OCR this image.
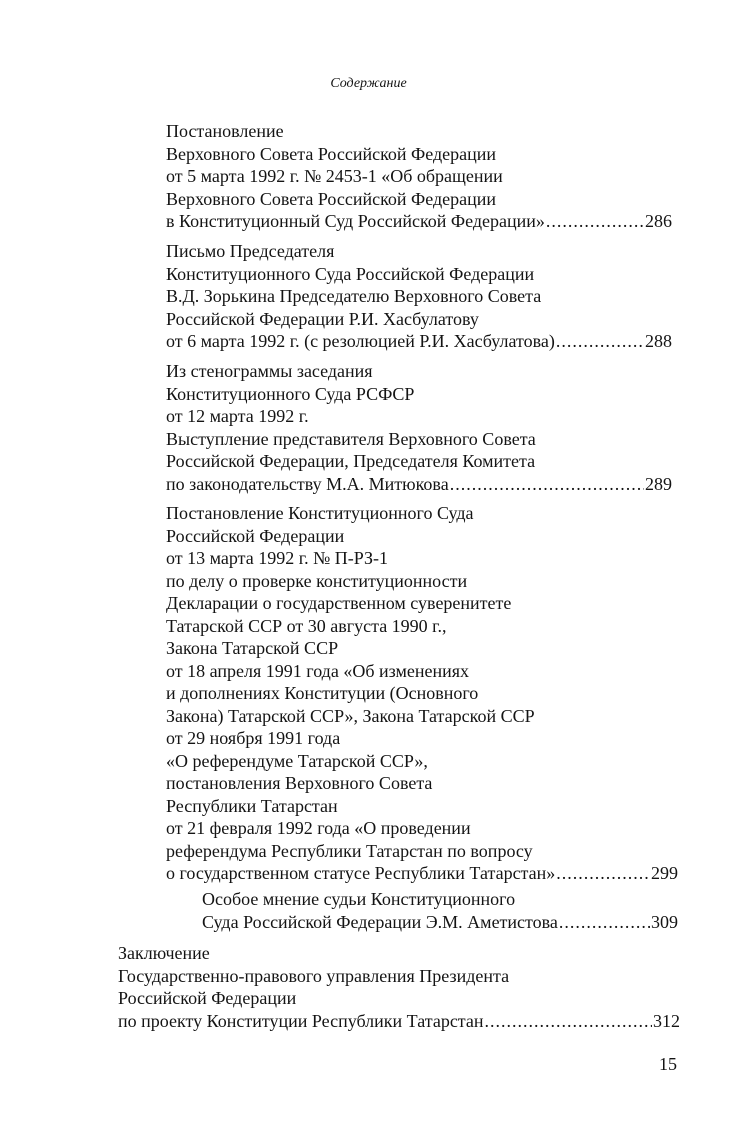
Содержание
Постановление
Верховного Совета Российской Федерации
от 5 марта 1992 г. № 2453-1 «Об обращении
Верховного Совета Российской Федерации
в Конституционный Суд Российской Федерации» .....	286
Письмо Председателя
Конституционного Суда Российской Федерации
В.Д. Зорькина Председателю Верховного Совета
Российской Федерации Р.И. Хасбулатову
от 6 марта 1992 г. (с резолюцией Р.И. Хасбулатова) .....	288
Из стенограммы заседания
Конституционного Суда РСФСР
от 12 марта 1992 г.
Выступление представителя Верховного Совета
Российской Федерации, Председателя Комитета
по законодательству М.А. Митюкова .....	289
Постановление Конституционного Суда
Российской Федерации
от 13 марта 1992 г. № П-РЗ-1
по делу о проверке конституционности
Декларации о государственном суверенитете
Татарской ССР от 30 августа 1990 г.,
Закона Татарской ССР
от 18 апреля 1991 года «Об изменениях
и дополнениях Конституции (Основного
Закона) Татарской ССР», Закона Татарской ССР
от 29 ноября 1991 года
«О референдуме Татарской ССР»,
постановления Верховного Совета
Республики Татарстан
от 21 февраля 1992 года «О проведении
референдума Республики Татарстан по вопросу
о государственном статусе Республики Татарстан» .....	299
Особое мнение судьи Конституционного
Суда Российской Федерации Э.М. Аметистова .....	309
Заключение
Государственно-правового управления Президента
Российской Федерации
по проекту Конституции Республики Татарстан .....	312
15
